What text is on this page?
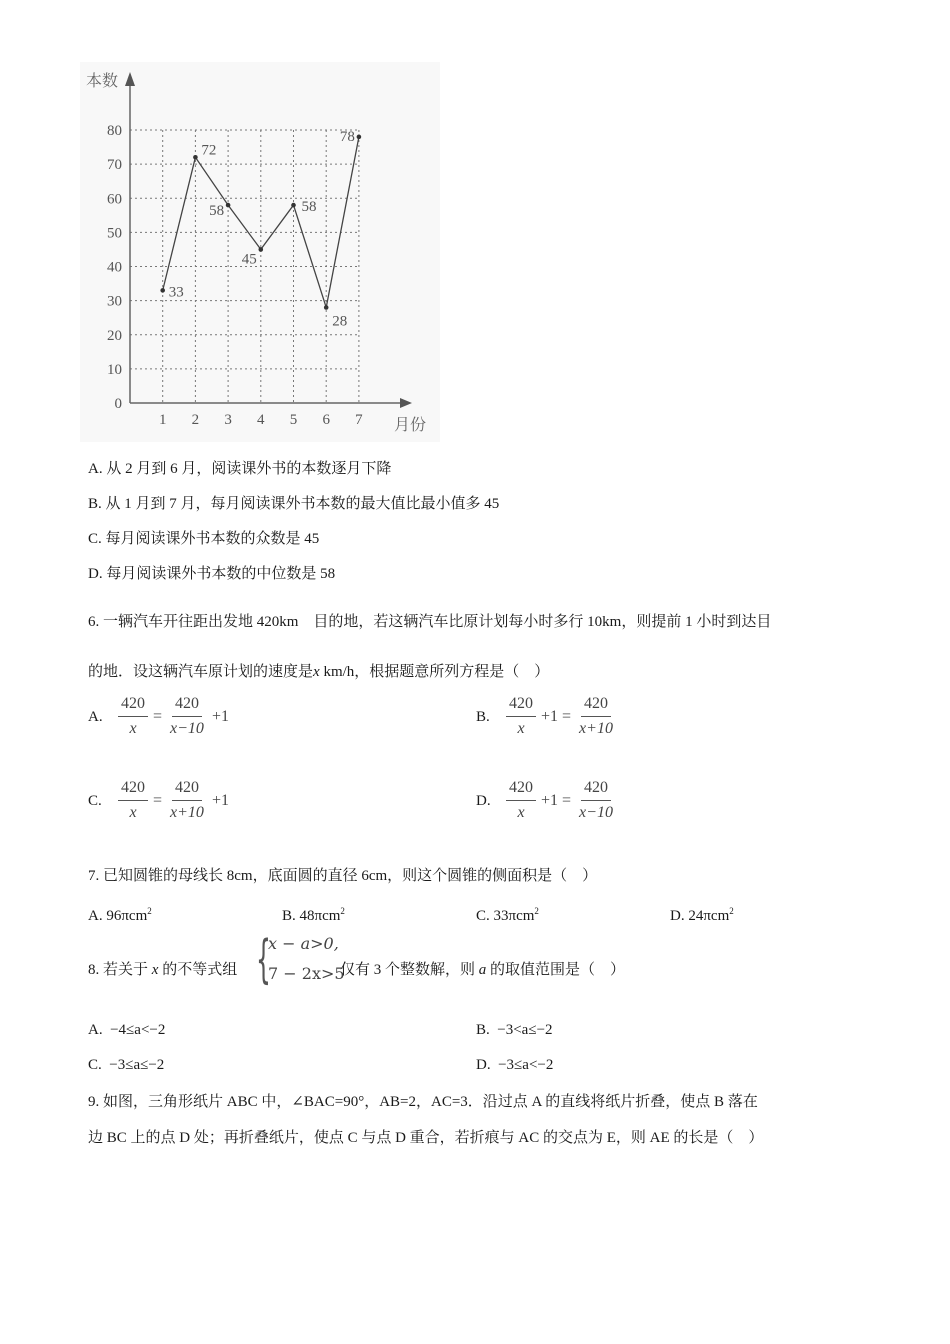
0
10
20
30
40
50
60
70
80
1 2 3 4 5 6 7
本数
月份
33
72
58
45
58
28
78
A. 从 2 月到 6 月，阅读课外书的本数逐月下降
B. 从 1 月到 7 月，每月阅读课外书本数的最大值比最小值多 45
C. 每月阅读课外书本数的众数是 45
D. 每月阅读课外书本数的中位数是 58
6. 一辆汽车开往距出发地 420km　目的地，若这辆汽车比原计划每小时多行 10km，则提前 1 小时到达目
的地．设这辆汽车原计划的速度是x km/h，根据题意所列方程是（　）
A. $\frac{420}{x} = \frac{420}{x-10} +1$	B.	$\frac{420}{x} +1 = \frac{420}{x+10}$
C.	$\frac{420}{x} = \frac{420}{x+10} +1$	D. $\frac{420}{x} +1 = \frac{420}{x-10}$
7. 已知圆锥的母线长 8cm，底面圆的直径 6cm，则这个圆锥的侧面积是（　）
A. 96πcm$^2$	B. 48πcm$^2$	C. 33πcm$^2$	D. 24πcm$^2$
8. 若关于 x 的不等式组 {
x − a>0,
7 − 2x>5
仅有 3 个整数解，则 a 的取值范围是（　）
A. −4≤a<−2	B. −3<a≤−2
C. −3≤a≤−2	D. −3≤a<−2
9. 如图，三角形纸片 ABC 中，∠BAC=90°，AB=2，AC=3．沿过点 A 的直线将纸片折叠，使点 B 落在
边 BC 上的点 D 处；再折叠纸片，使点 C 与点 D 重合，若折痕与 AC 的交点为 E，则 AE 的长是（　）
